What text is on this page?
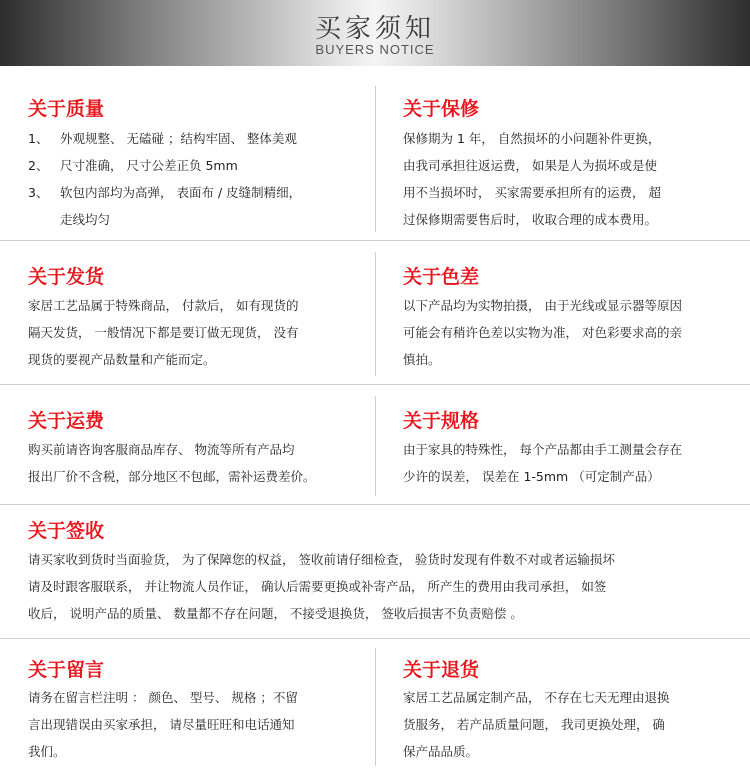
买家须知
BUYERS NOTICE
关于质量
1、 外观规整、 无磕碰 ；结构牢固、 整体美观
2、 尺寸准确， 尺寸公差正负 5mm
3、 软包内部均为高弹， 表面布 / 皮缝制精细，
走线均匀
关于保修

保修期为 1 年， 自然损坏的小问题补件更换，

由我司承担往返运费， 如果是人为损坏或是使

用不当损坏时， 买家需要承担所有的运费， 超

过保修期需要售后时， 收取合理的成本费用。

关于发货

家居工艺品属于特殊商品， 付款后， 如有现货的

隔天发货， 一般情况下都是要订做无现货， 没有

现货的要视产品数量和产能而定。

关于色差

以下产品均为实物拍摄， 由于光线或显示器等原因

可能会有稍许色差以实物为准， 对色彩要求高的亲

慎拍。

关于运费

购买前请咨询客服商品库存、 物流等所有产品均

报出厂价不含税，部分地区不包邮，需补运费差价。

关于规格

由于家具的特殊性， 每个产品都由手工测量会存在

少许的误差， 误差在 1-5mm （可定制产品）

关于签收

请买家收到货时当面验货， 为了保障您的权益， 签收前请仔细检查， 验货时发现有件数不对或者运输损坏

请及时跟客服联系， 并让物流人员作证， 确认后需要更换或补寄产品， 所产生的费用由我司承担， 如签

收后， 说明产品的质量、 数量都不存在问题， 不接受退换货， 签收后损害不负责赔偿 。

关于留言

请务在留言栏注明 ： 颜色、 型号、 规格 ；不留

言出现错误由买家承担， 请尽量旺旺和电话通知

我们。

关于退货

家居工艺品属定制产品， 不存在七天无理由退换

货服务， 若产品质量问题， 我司更换处理， 确

保产品品质。
